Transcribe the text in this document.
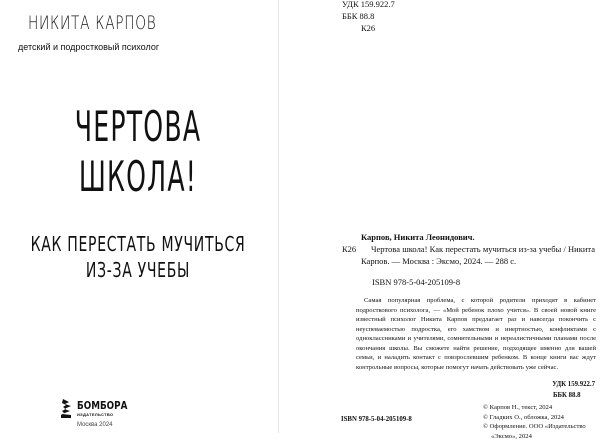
НИКИТА КАРПОВ
детский и подростковый психолог
ЧЕРТОВА
ШКОЛА!
КАК ПЕРЕСТАТЬ МУЧИТЬСЯ
ИЗ-ЗА УЧЕБЫ
БОМБОРА
ИЗДАТЕЛЬСТВО
Москва 2024
УДК 159.922.7
ББК 88.8
К26
Карпов, Никита Леонидович.
К26	Чертова школа! Как перестать мучиться из-за учебы / Никита Карпов. — Москва : Эксмо, 2024. — 288 с.
ISBN 978-5-04-205109-8
Самая популярная проблема, с которой родители приходят в кабинет подросткового психолога, — «Мой ребенок плохо учится». В своей новой книге известный психолог Никита Карпов предлагает раз и навсегда покончить с неуспеваемостью подростка, его хамством и инертностью, конфликтами с одноклассниками и учителями, сомнительными и нереалистичными планами после окончания школы. Вы сможете найти решение, подходящее именно для вашей семьи, и наладить контакт с повзрослевшим ребенком. В конце книги вас ждут контрольные вопросы, которые помогут начать действовать уже сейчас.
УДК 159.922.7
ББК 88.8
ISBN 978-5-04-205109-8
© Карпов Н., текст, 2024
© Гладких О., обложка, 2024
© Оформление. ООО «Издательство
«Эксмо», 2024
